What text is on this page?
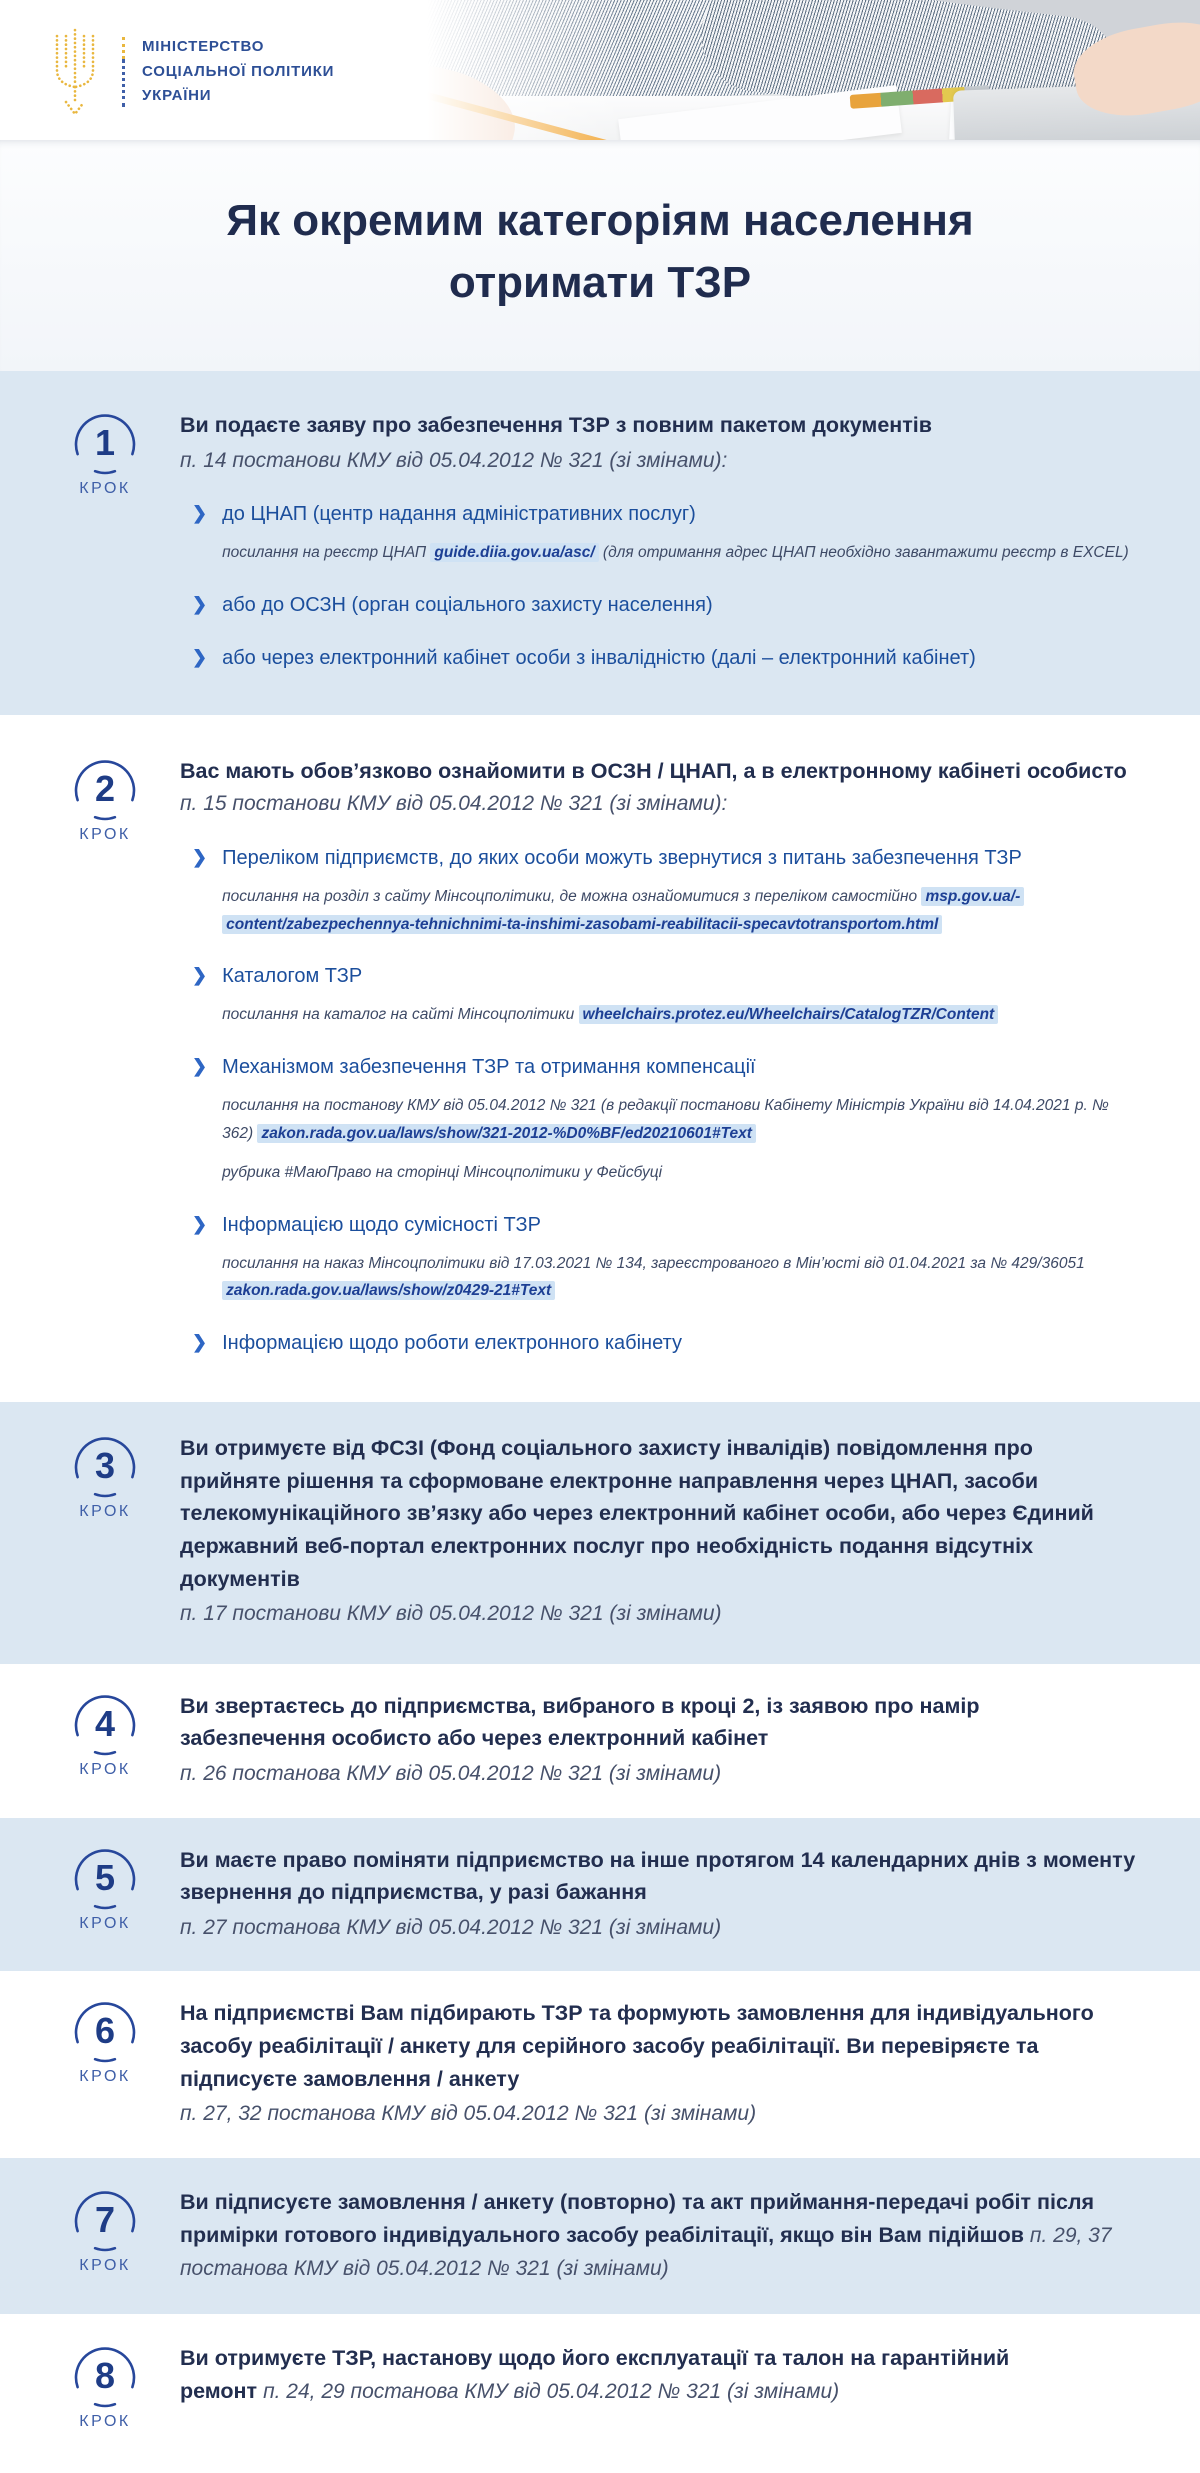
МІНІСТЕРСТВО
СОЦІАЛЬНОЇ ПОЛІТИКИ
УКРАЇНИ
Як окремим категоріям населення
отримати ТЗР
1
КРОК

Ви подаєте заяву про забезпечення ТЗР з повним пакетом документів

п. 14 постанови КМУ від 05.04.2012 № 321 (зі змінами):

❯ до ЦНАП (центр надання адміністративних послуг)

посилання на реєстр ЦНАП guide.diia.gov.ua/asc/ (для отримання адрес ЦНАП необхідно завантажити реєстр в EXCEL)

❯ або до ОСЗН (орган соціального захисту населення)

❯ або через електронний кабінет особи з інвалідністю (далі – електронний кабінет)

2
КРОК

Вас мають обов’язково ознайомити в ОСЗН / ЦНАП, а в електронному кабінеті особисто п. 15 постанови КМУ від 05.04.2012 № 321 (зі змінами):

❯ Переліком підприємств, до яких особи можуть звернутися з питань забезпечення ТЗР

посилання на розділ з сайту Мінсоцполітики, де можна ознайомитися з переліком самостійно msp.gov.ua/-content/zabezpechennya-tehnichnimi-ta-inshimi-zasobami-reabilitacii-specavtotransportom.html

❯ Каталогом ТЗР

посилання на каталог на сайті Мінсоцполітики wheelchairs.protez.eu/Wheelchairs/CatalogTZR/Content

❯ Механізмом забезпечення ТЗР та отримання компенсації

посилання на постанову КМУ від 05.04.2012 № 321 (в редакції постанови Кабінету Міністрів України від 14.04.2021 р. № 362) zakon.rada.gov.ua/laws/show/321-2012-%D0%BF/ed20210601#Text

рубрика #МаюПраво на сторінці Мінсоцполітики у Фейсбуці

❯ Інформацією щодо сумісності ТЗР

посилання на наказ Мінсоцполітики від 17.03.2021 № 134, зареєстрованого в Мін’юсті від 01.04.2021 за № 429/36051 zakon.rada.gov.ua/laws/show/z0429-21#Text

❯ Інформацією щодо роботи електронного кабінету

3
КРОК

Ви отримуєте від ФСЗІ (Фонд соціального захисту інвалідів) повідомлення про прийняте рішення та сформоване електронне направлення через ЦНАП, засоби телекомунікаційного зв’язку або через електронний кабінет особи, або через Єдиний державний веб-портал електронних послуг про необхідність подання відсутніх документів

п. 17 постанови КМУ від 05.04.2012 № 321 (зі змінами)

4
КРОК

Ви звертаєтесь до підприємства, вибраного в кроці 2, із заявою про намір забезпечення особисто або через електронний кабінет

п. 26 постанова КМУ від 05.04.2012 № 321 (зі змінами)

5
КРОК

Ви маєте право поміняти підприємство на інше протягом 14 календарних днів з моменту звернення до підприємства, у разі бажання

п. 27 постанова КМУ від 05.04.2012 № 321 (зі змінами)

6
КРОК

На підприємстві Вам підбирають ТЗР та формують замовлення для індивідуального засобу реабілітації / анкету для серійного засобу реабілітації. Ви перевіряєте та підписуєте замовлення / анкету

п. 27, 32 постанова КМУ від 05.04.2012 № 321 (зі змінами)

7
КРОК

Ви підписуєте замовлення / анкету (повторно) та акт приймання-передачі робіт після примірки готового індивідуального засобу реабілітації, якщо він Вам підійшов п. 29, 37 постанова КМУ від 05.04.2012 № 321 (зі змінами)

8
КРОК

Ви отримуєте ТЗР, настанову щодо його експлуатації та талон на гарантійний ремонт п. 24, 29 постанова КМУ від 05.04.2012 № 321 (зі змінами)
